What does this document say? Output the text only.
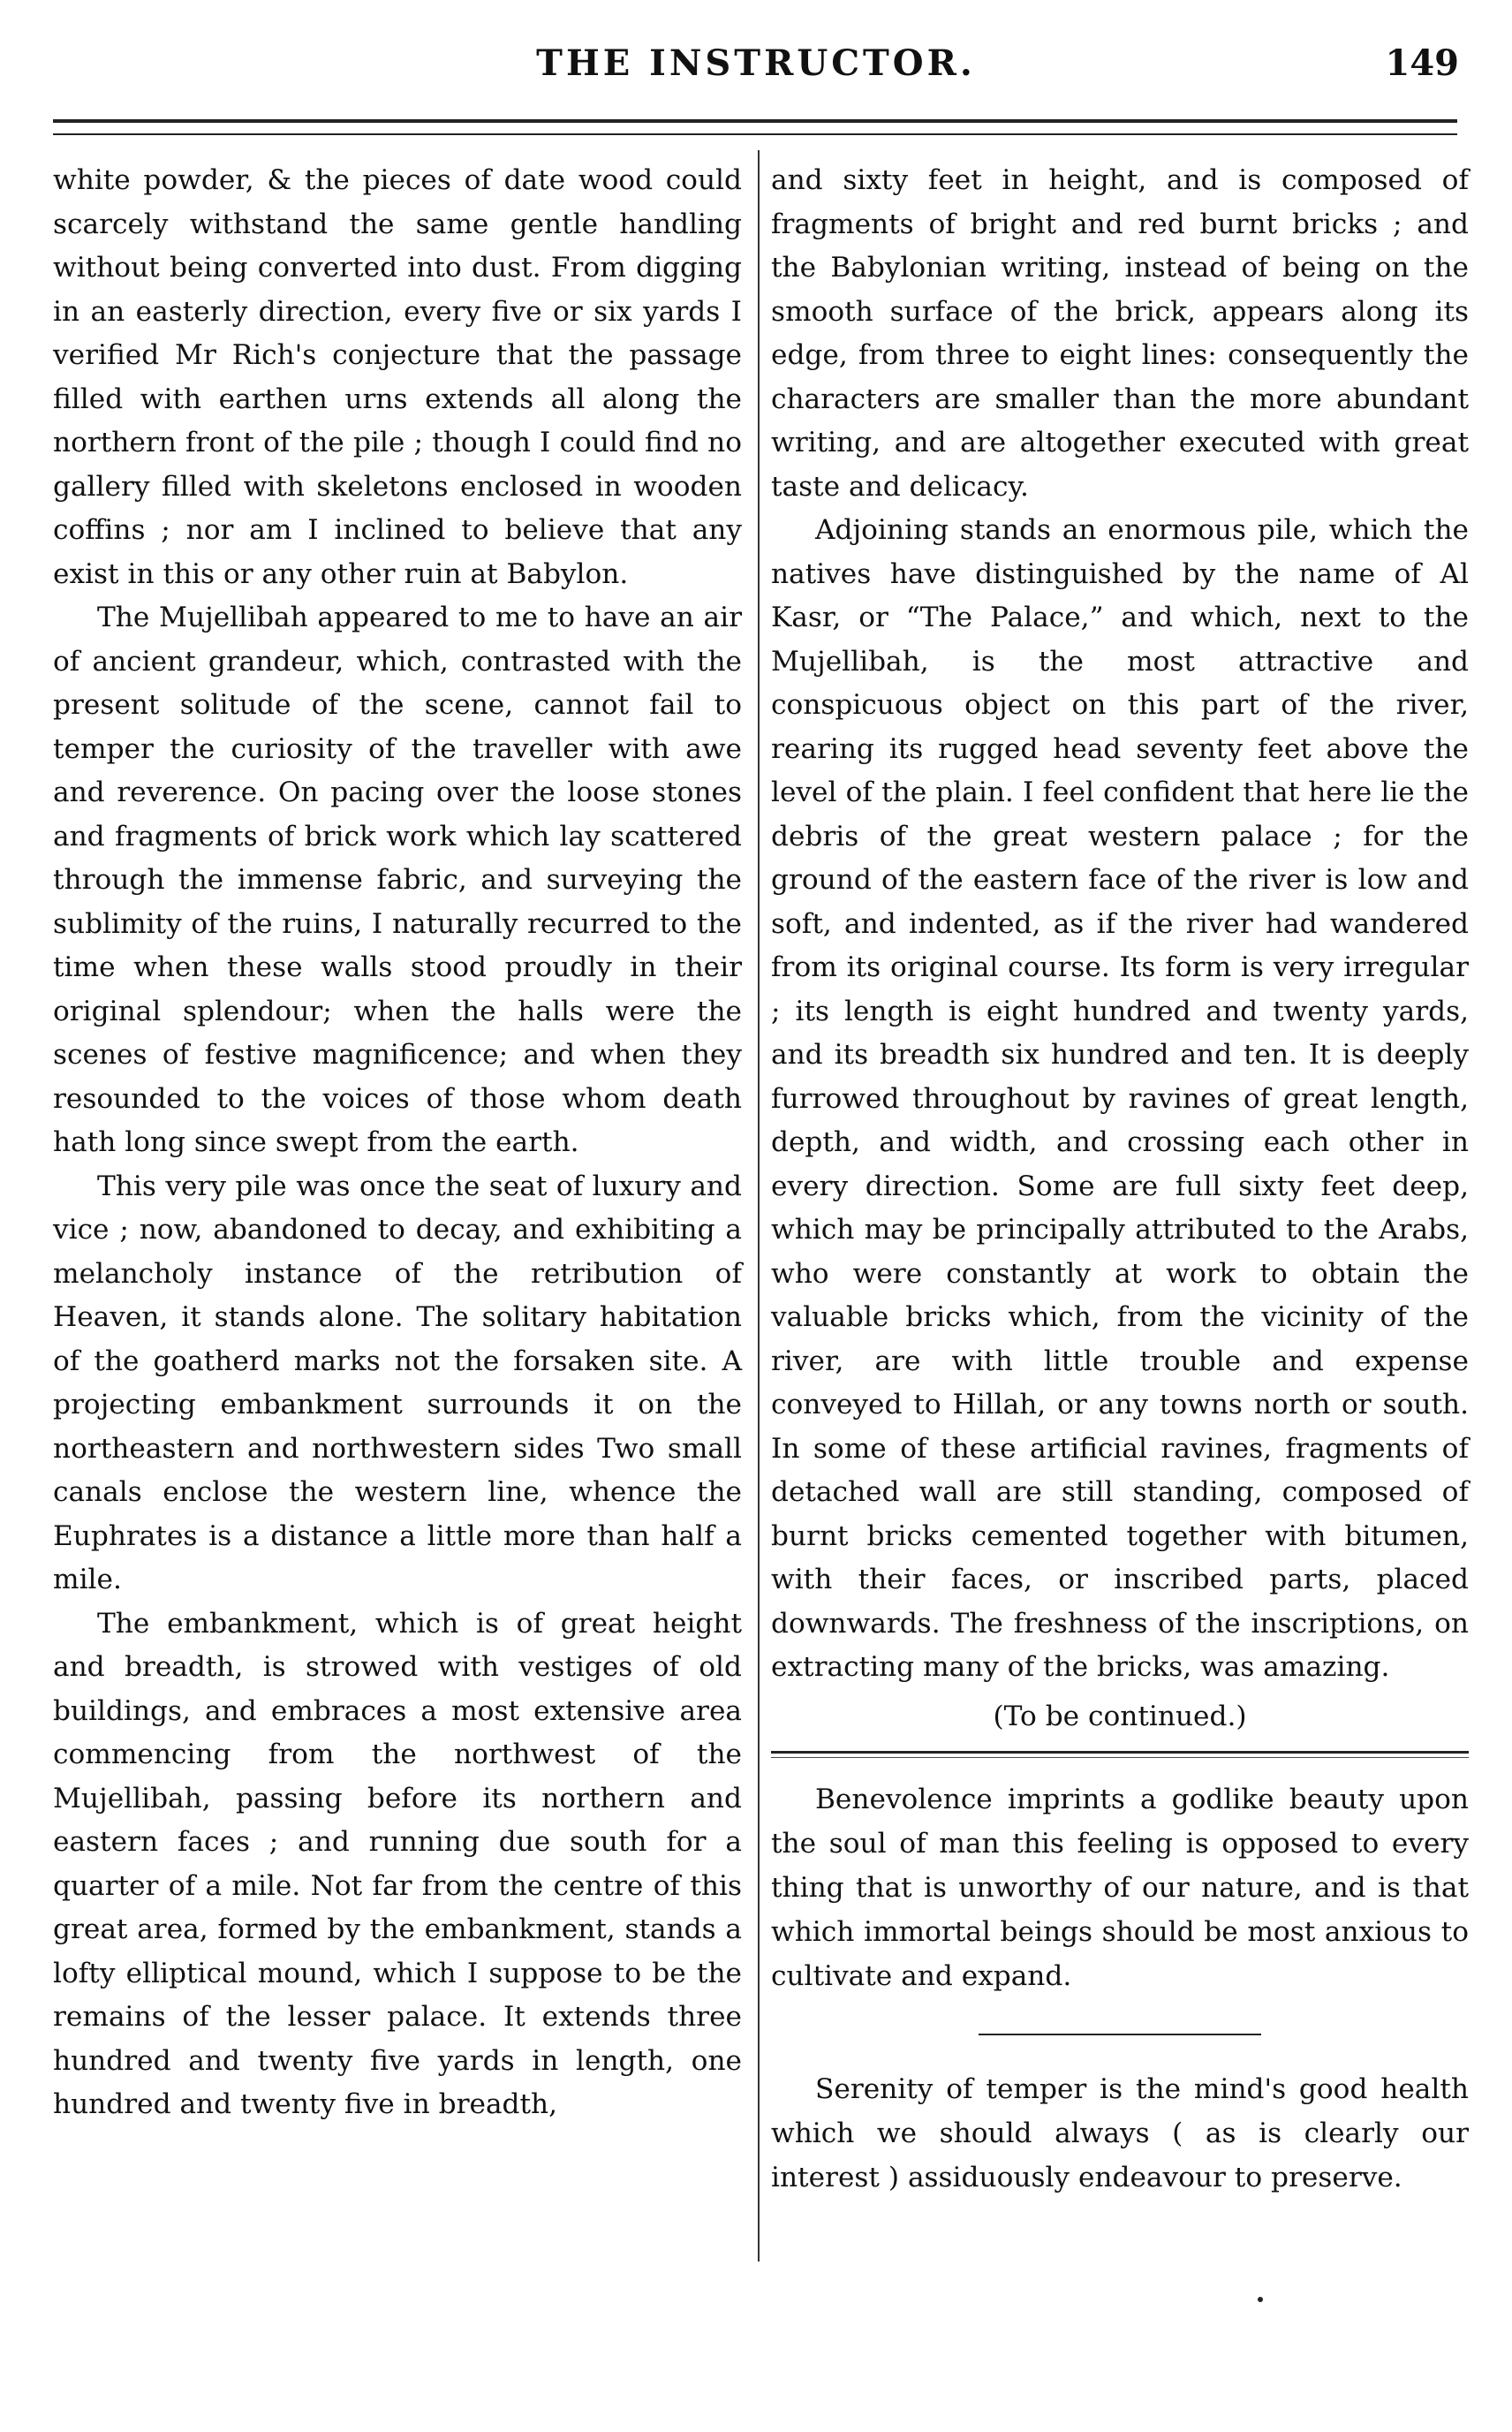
THE INSTRUCTOR.	149

white powder, & the pieces of date wood could scarcely withstand the same gentle handling without being converted into dust. From digging in an easterly direction, every five or six yards I verified Mr Rich's conjecture that the passage filled with earthen urns extends all along the northern front of the pile ; though I could find no gallery filled with skeletons enclosed in wooden coffins ; nor am I inclined to believe that any exist in this or any other ruin at Babylon.

The Mujellibah appeared to me to have an air of ancient grandeur, which, contrasted with the present solitude of the scene, cannot fail to temper the curiosity of the traveller with awe and reverence. On pacing over the loose stones and fragments of brick work which lay scattered through the immense fabric, and surveying the sublimity of the ruins, I naturally recurred to the time when these walls stood proudly in their original splendour; when the halls were the scenes of festive magnificence; and when they resounded to the voices of those whom death hath long since swept from the earth.

This very pile was once the seat of luxury and vice ; now, abandoned to decay, and exhibiting a melancholy instance of the retribution of Heaven, it stands alone. The solitary habitation of the goatherd marks not the forsaken site. A projecting embankment surrounds it on the northeastern and northwestern sides Two small canals enclose the western line, whence the Euphrates is a distance a little more than half a mile.

The embankment, which is of great height and breadth, is strowed with vestiges of old buildings, and embraces a most extensive area commencing from the northwest of the Mujellibah, passing before its northern and eastern faces ; and running due south for a quarter of a mile. Not far from the centre of this great area, formed by the embankment, stands a lofty elliptical mound, which I suppose to be the remains of the lesser palace. It extends three hundred and twenty five yards in length, one hundred and twenty five in breadth,

and sixty feet in height, and is composed of fragments of bright and red burnt bricks ; and the Babylonian writing, instead of being on the smooth surface of the brick, appears along its edge, from three to eight lines: consequently the characters are smaller than the more abundant writing, and are altogether executed with great taste and delicacy.

Adjoining stands an enormous pile, which the natives have distinguished by the name of Al Kasr, or “The Palace,” and which, next to the Mujellibah, is the most attractive and conspicuous object on this part of the river, rearing its rugged head seventy feet above the level of the plain. I feel confident that here lie the debris of the great western palace ; for the ground of the eastern face of the river is low and soft, and indented, as if the river had wandered from its original course. Its form is very irregular ; its length is eight hundred and twenty yards, and its breadth six hundred and ten. It is deeply furrowed throughout by ravines of great length, depth, and width, and crossing each other in every direction. Some are full sixty feet deep, which may be principally attributed to the Arabs, who were constantly at work to obtain the valuable bricks which, from the vicinity of the river, are with little trouble and expense conveyed to Hillah, or any towns north or south. In some of these artificial ravines, fragments of detached wall are still standing, composed of burnt bricks cemented together with bitumen, with their faces, or inscribed parts, placed downwards. The freshness of the inscriptions, on extracting many of the bricks, was amazing.

(To be continued.)

Benevolence imprints a godlike beauty upon the soul of man this feeling is opposed to every thing that is unworthy of our nature, and is that which immortal beings should be most anxious to cultivate and expand.

Serenity of temper is the mind's good health which we should always ( as is clearly our interest ) assiduously endeavour to preserve.
